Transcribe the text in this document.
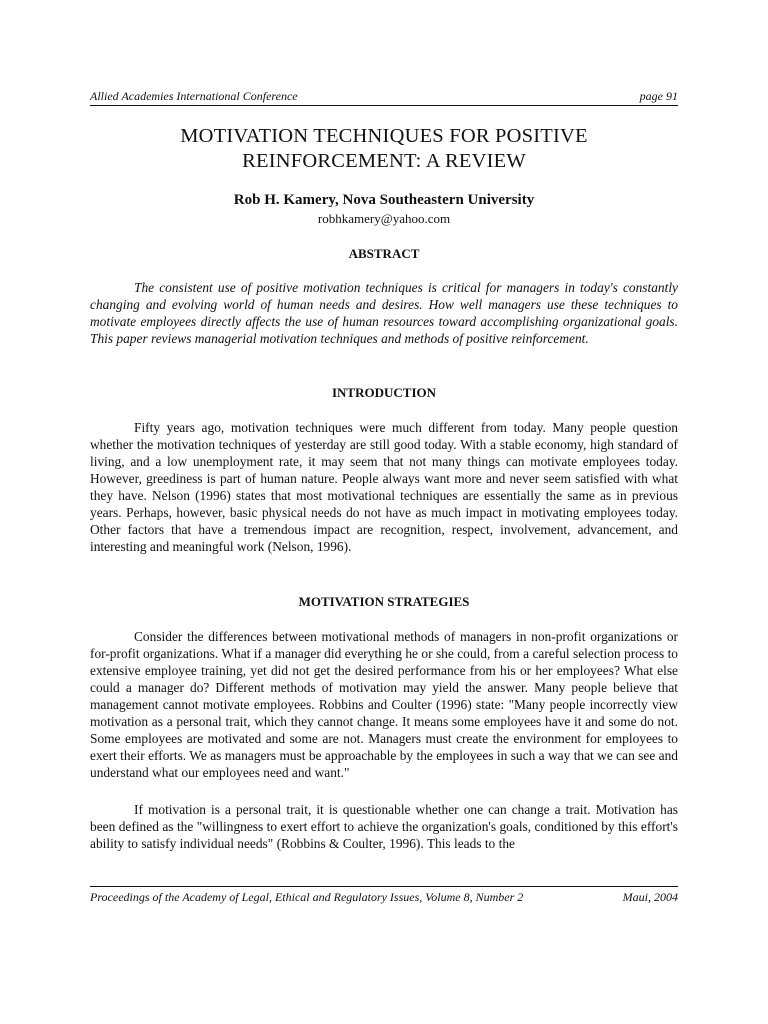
Allied Academies International Conference	page 91
MOTIVATION TECHNIQUES FOR POSITIVE
REINFORCEMENT: A REVIEW
Rob H. Kamery, Nova Southeastern University
robhkamery@yahoo.com
ABSTRACT

The consistent use of positive motivation techniques is critical for managers in today's constantly changing and evolving world of human needs and desires. How well managers use these techniques to motivate employees directly affects the use of human resources toward accomplishing organizational goals. This paper reviews managerial motivation techniques and methods of positive reinforcement.

INTRODUCTION

Fifty years ago, motivation techniques were much different from today. Many people question whether the motivation techniques of yesterday are still good today. With a stable economy, high standard of living, and a low unemployment rate, it may seem that not many things can motivate employees today. However, greediness is part of human nature. People always want more and never seem satisfied with what they have. Nelson (1996) states that most motivational techniques are essentially the same as in previous years. Perhaps, however, basic physical needs do not have as much impact in motivating employees today. Other factors that have a tremendous impact are recognition, respect, involvement, advancement, and interesting and meaningful work (Nelson, 1996).

MOTIVATION STRATEGIES

Consider the differences between motivational methods of managers in non-profit organizations or for-profit organizations. What if a manager did everything he or she could, from a careful selection process to extensive employee training, yet did not get the desired performance from his or her employees? What else could a manager do? Different methods of motivation may yield the answer. Many people believe that management cannot motivate employees. Robbins and Coulter (1996) state: "Many people incorrectly view motivation as a personal trait, which they cannot change. It means some employees have it and some do not. Some employees are motivated and some are not. Managers must create the environment for employees to exert their efforts. We as managers must be approachable by the employees in such a way that we can see and understand what our employees need and want."

If motivation is a personal trait, it is questionable whether one can change a trait. Motivation has been defined as the "willingness to exert effort to achieve the organization's goals, conditioned by this effort's ability to satisfy individual needs" (Robbins & Coulter, 1996). This leads to the

Proceedings of the Academy of Legal, Ethical and Regulatory Issues, Volume 8, Number 2	Maui, 2004
